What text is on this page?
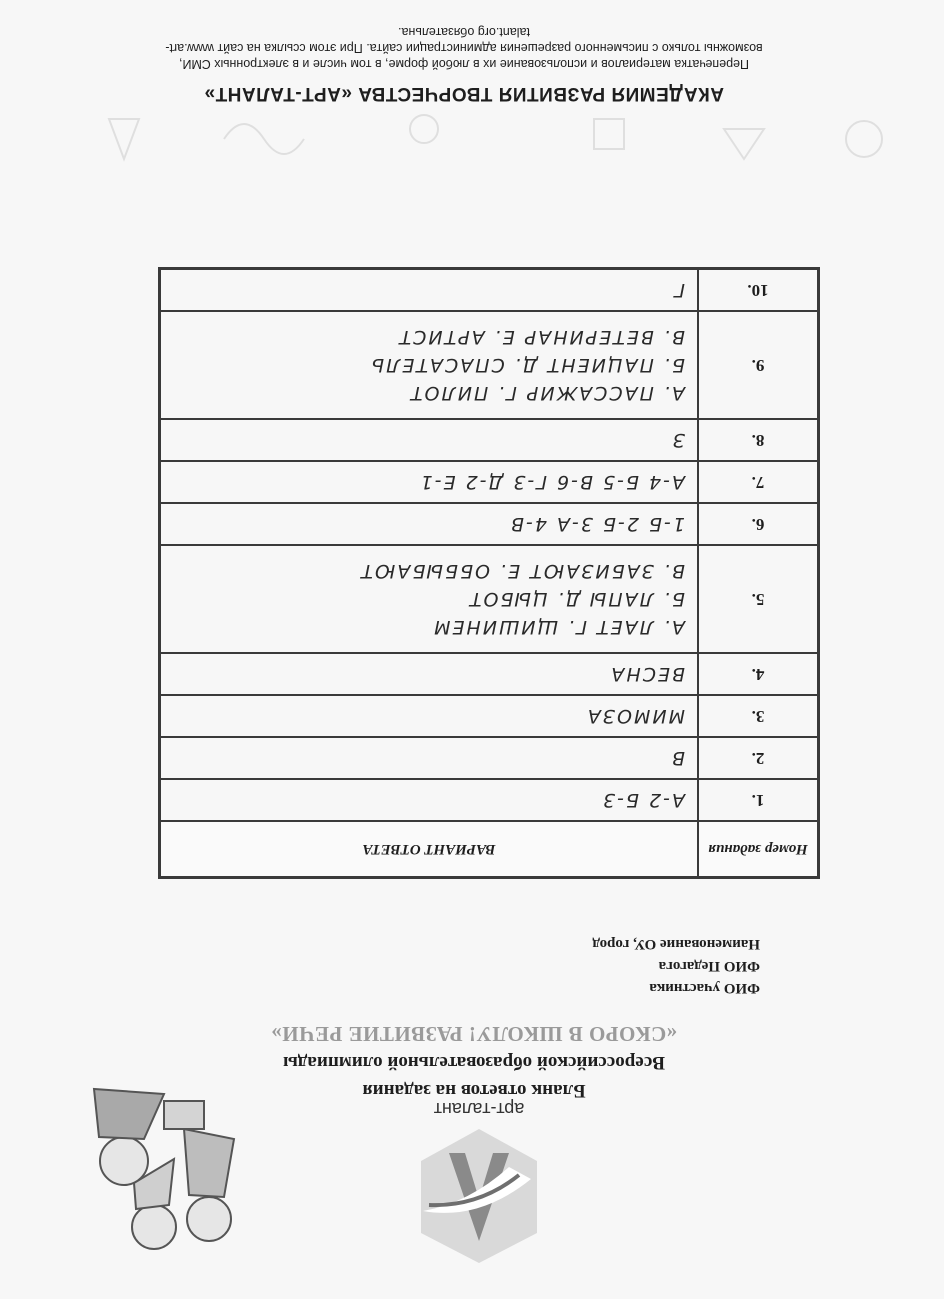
арт-талант
Бланк ответов на задания
Всероссийской образовательной олимпиады
«СКОРО В ШКОЛУ! РАЗВИТИЕ РЕЧИ»
ФИО участника
ФИО Педагога
Наименование ОУ, город
Номер задания	ВАРИАНТ ОТВЕТА
1.	А-2 Б-3

2.	В

3.	МИМОЗА

4.	ВЕСНА

5.	А. ЛАЕТ Г. ЩИШИНЕМ
Б. ЛАПЫ Д. ЦЫБОТ
В. ЗАБИЗАЮТ Е. ОББЫБАЮТ

6.	1-Б 2-Б 3-А 4-В

7.	А-4 Б-5 В-6 Г-3 Д-2 Е-1

8.	З

9.	А. ПАССАЖИР Г. ПИЛОТ
Б. ПАЦИЕНТ Д. СПАСАТЕЛЬ
В. ВЕТЕРИНАР Е. АРТИСТ

10.	Г
АКАДЕМИЯ РАЗВИТИЯ ТВОРЧЕСТВА «АРТ-ТАЛАНТ»
Перепечатка материалов и использование их в любой форме, в том числе и в электронных СМИ, возможны только с письменного разрешения администрации сайта. При этом ссылка на сайт www.art-talant.org обязательна.
